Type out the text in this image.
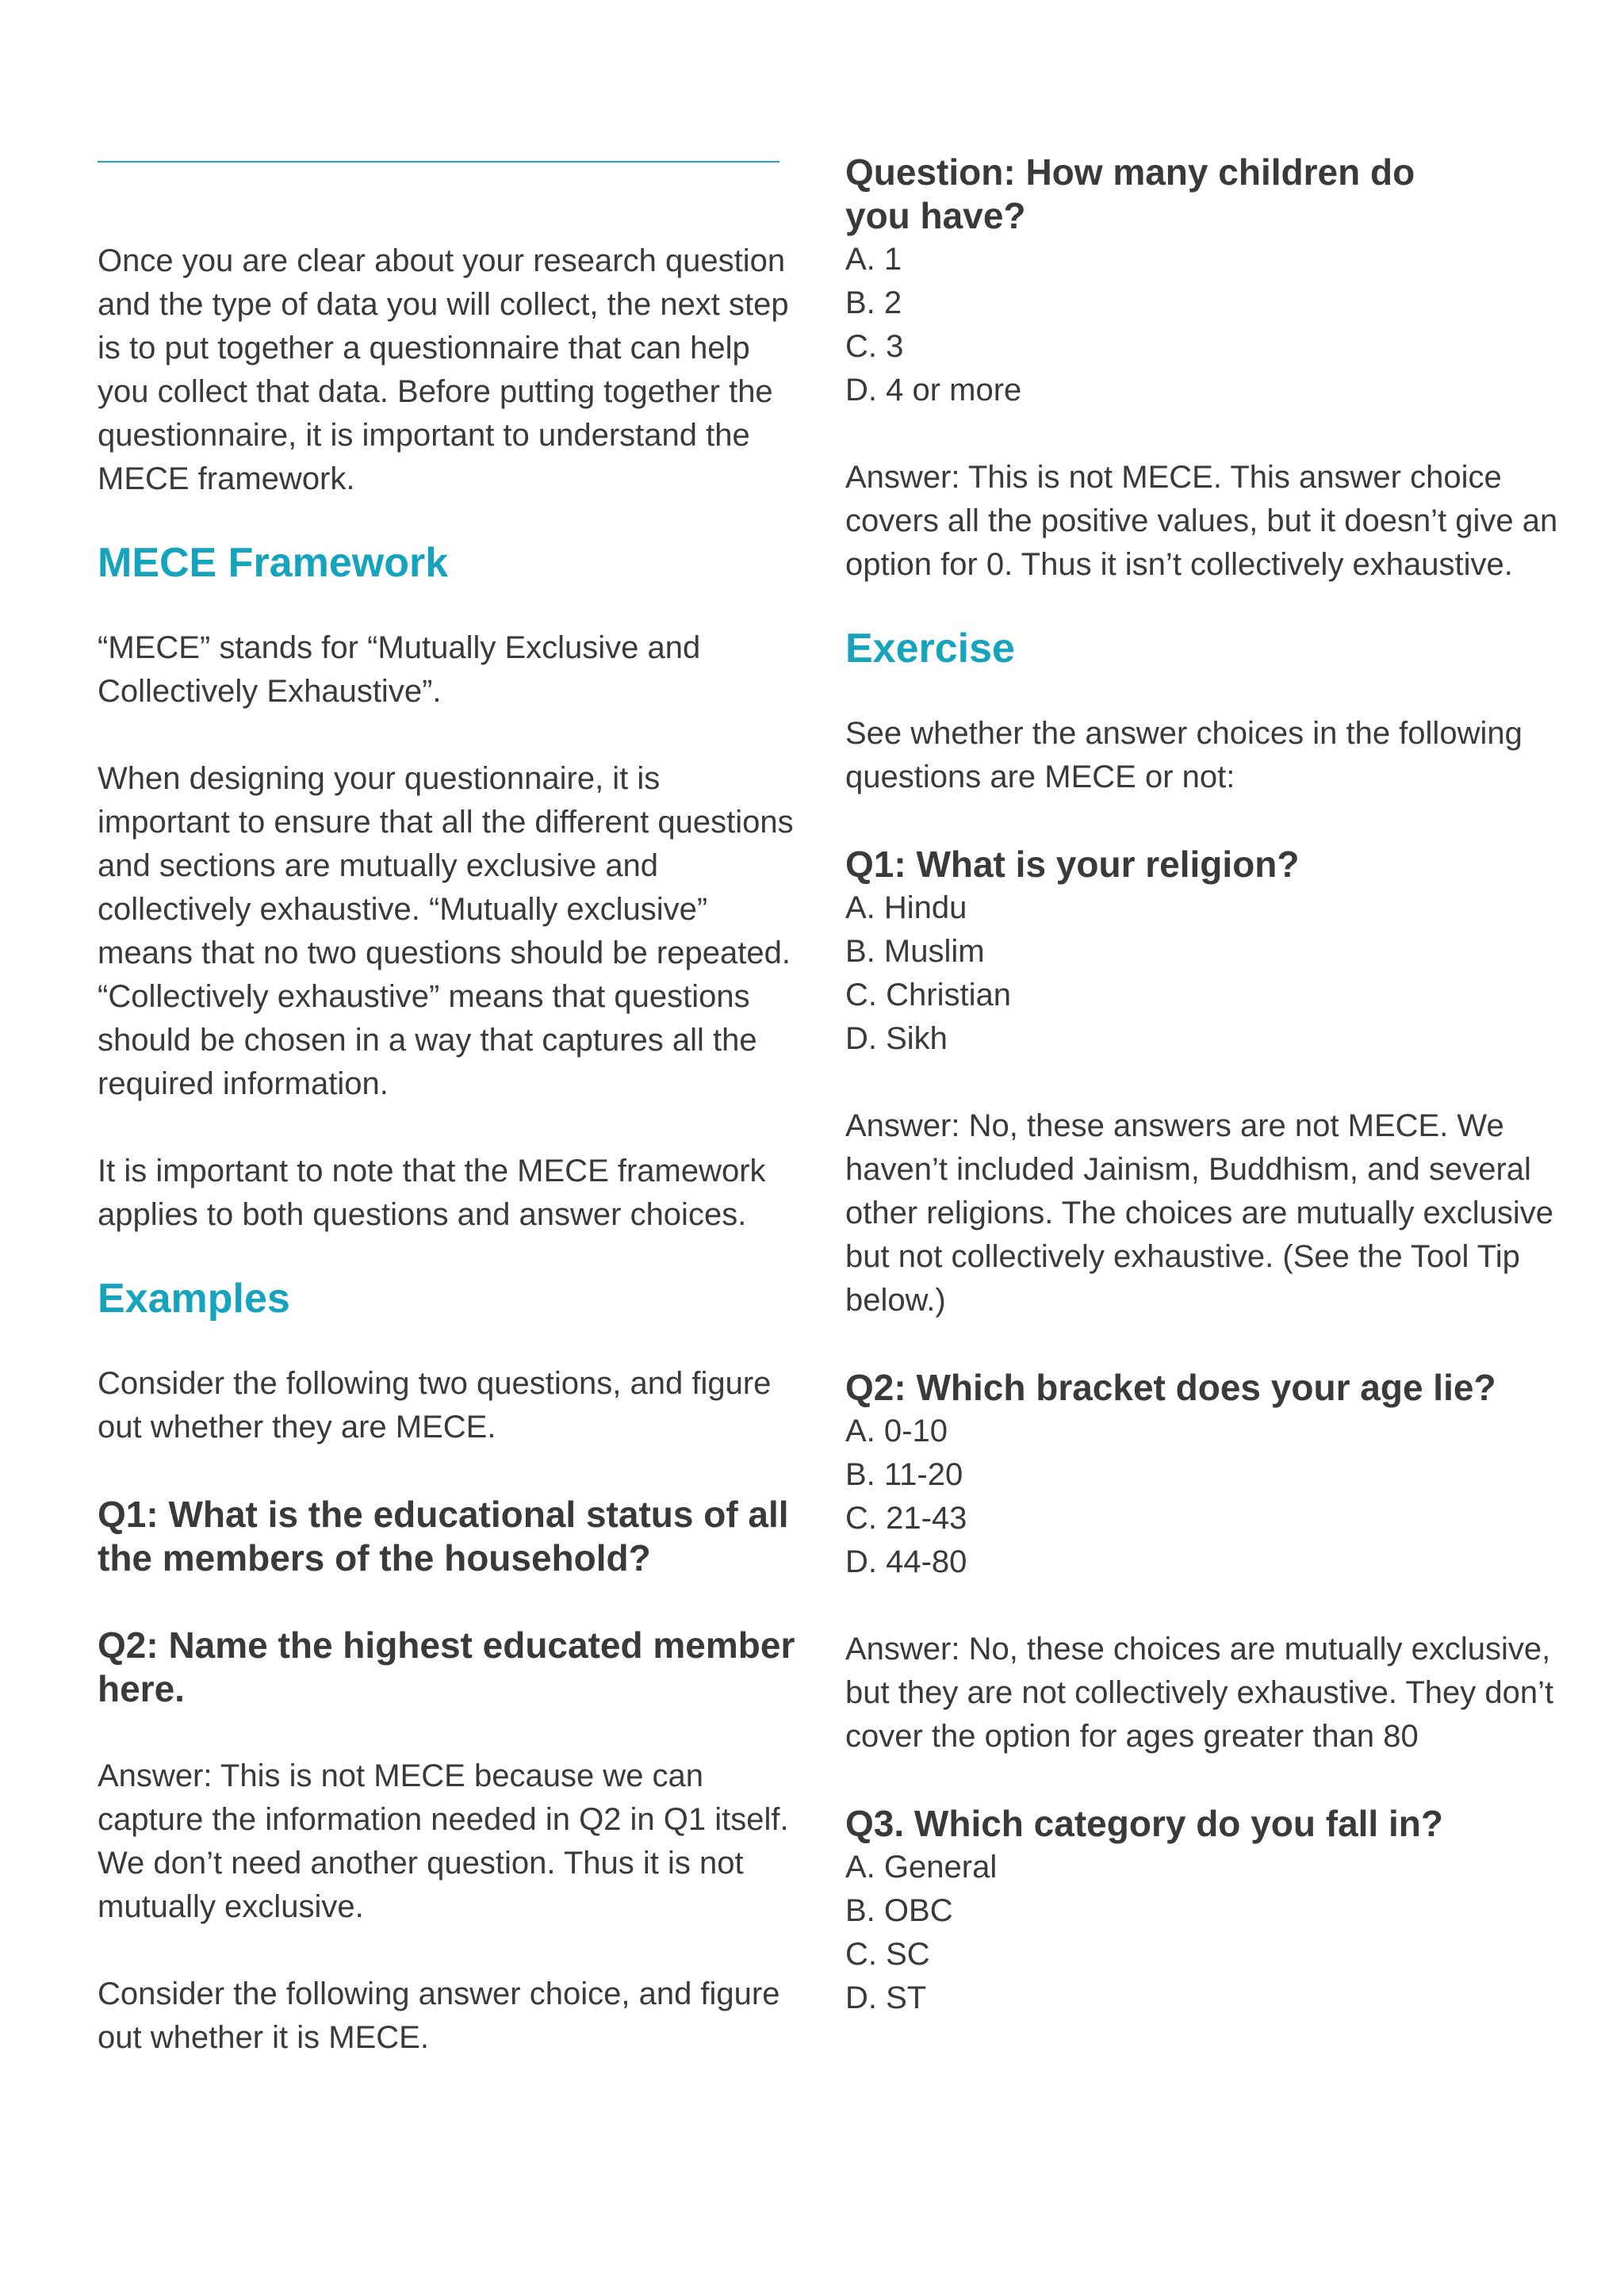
Once you are clear about your research question and the type of data you will collect, the next step is to put together a questionnaire that can help you collect that data. Before putting together the questionnaire, it is important to understand the MECE framework.

MECE Framework

“MECE” stands for “Mutually Exclusive and Collectively Exhaustive”.

When designing your questionnaire, it is important to ensure that all the different questions and sections are mutually exclusive and collectively exhaustive. “Mutually exclusive” means that no two questions should be repeated. “Collectively exhaustive” means that questions should be chosen in a way that captures all the required information.

It is important to note that the MECE framework applies to both questions and answer choices.

Examples

Consider the following two questions, and figure out whether they are MECE.

Q1: What is the educational status of all the members of the household?

Q2: Name the highest educated member here.

Answer: This is not MECE because we can capture the information needed in Q2 in Q1 itself. We don’t need another question. Thus it is not mutually exclusive.

Consider the following answer choice, and figure out whether it is MECE.

Question: How many children do you have?

A. 1
B. 2
C. 3
D. 4 or more

Answer: This is not MECE. This answer choice covers all the positive values, but it doesn’t give an option for 0. Thus it isn’t collectively exhaustive.

Exercise

See whether the answer choices in the following questions are MECE or not:

Q1: What is your religion?

A. Hindu
B. Muslim
C. Christian
D. Sikh

Answer: No, these answers are not MECE. We haven’t included Jainism, Buddhism, and several other religions. The choices are mutually exclusive but not collectively exhaustive. (See the Tool Tip below.)

Q2: Which bracket does your age lie?

A. 0-10
B. 11-20
C. 21-43
D. 44-80

Answer: No, these choices are mutually exclusive, but they are not collectively exhaustive. They don’t cover the option for ages greater than 80

Q3. Which category do you fall in?

A. General
B. OBC
C. SC
D. ST
